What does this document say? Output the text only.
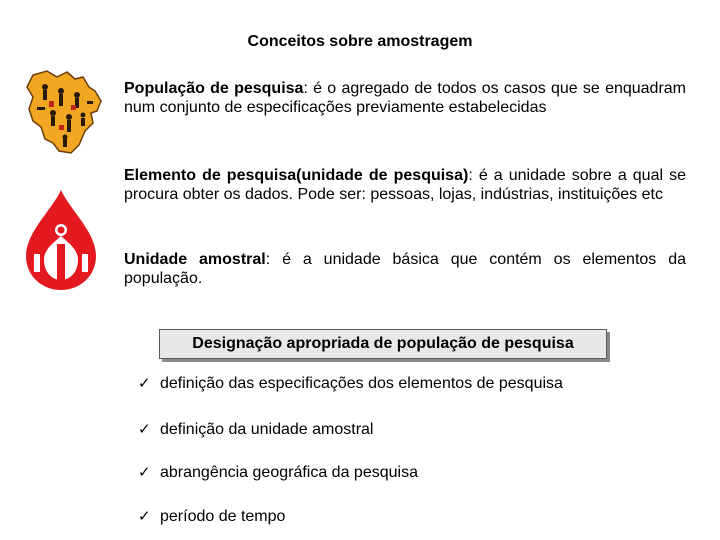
Conceitos sobre amostragem
População de pesquisa: é o agregado de todos os casos que se enquadram num conjunto de especificações previamente estabelecidas
Elemento de pesquisa(unidade de pesquisa): é a unidade sobre a qual se procura obter os dados. Pode ser: pessoas, lojas, indústrias, instituições etc
Unidade amostral: é a unidade básica que contém os elementos da população.
Designação apropriada de população de pesquisa
✓ definição das especificações dos elementos de pesquisa
✓ definição da unidade amostral
✓ abrangência geográfica da pesquisa
✓ período de tempo
